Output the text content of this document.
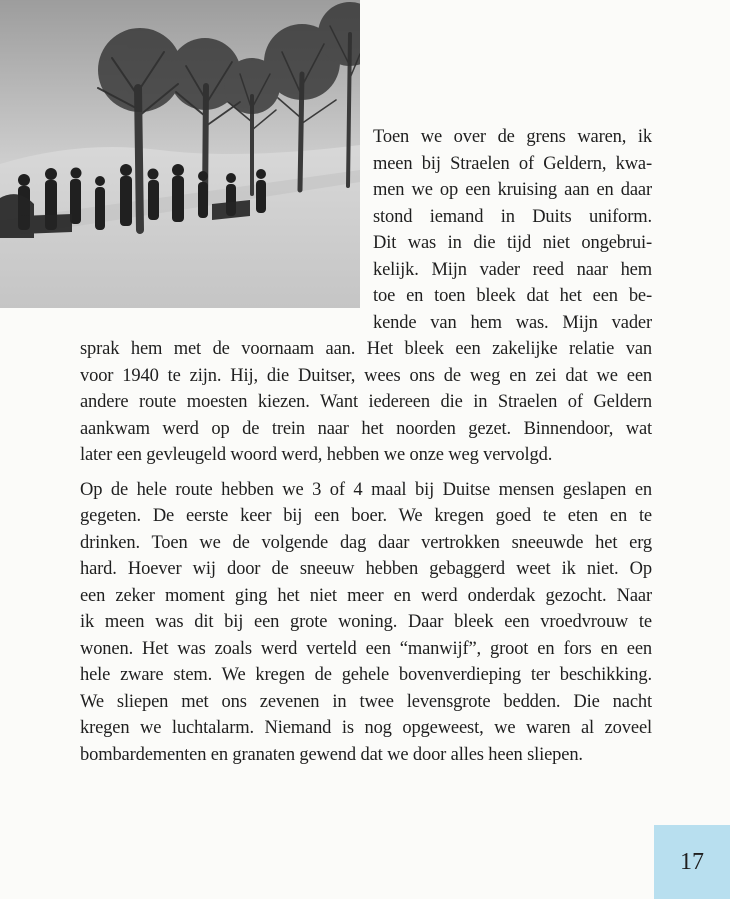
Toen we over de grens waren, ik
meen bij Straelen of Geldern, kwa-
men we op een kruising aan en daar
stond iemand in Duits uniform.
Dit was in die tijd niet ongebrui-
kelijk. Mijn vader reed naar hem
toe en toen bleek dat het een be-
kende van hem was. Mijn vader
sprak hem met de voornaam aan. Het bleek een zakelijke relatie van
voor 1940 te zijn. Hij, die Duitser, wees ons de weg en zei dat we een
andere route moesten kiezen. Want iedereen die in Straelen of Geldern
aankwam werd op de trein naar het noorden gezet. Binnendoor, wat
later een gevleugeld woord werd, hebben we onze weg vervolgd.
Op de hele route hebben we 3 of 4 maal bij Duitse mensen geslapen en
gegeten. De eerste keer bij een boer. We kregen goed te eten en te
drinken. Toen we de volgende dag daar vertrokken sneeuwde het erg
hard. Hoever wij door de sneeuw hebben gebaggerd weet ik niet. Op
een zeker moment ging het niet meer en werd onderdak gezocht. Naar
ik meen was dit bij een grote woning. Daar bleek een vroedvrouw te
wonen. Het was zoals werd verteld een “manwijf”, groot en fors en een
hele zware stem. We kregen de gehele bovenverdieping ter beschikking.
We sliepen met ons zevenen in twee levensgrote bedden. Die nacht
kregen we luchtalarm. Niemand is nog opgeweest, we waren al zoveel
bombardementen en granaten gewend dat we door alles heen sliepen.
17
